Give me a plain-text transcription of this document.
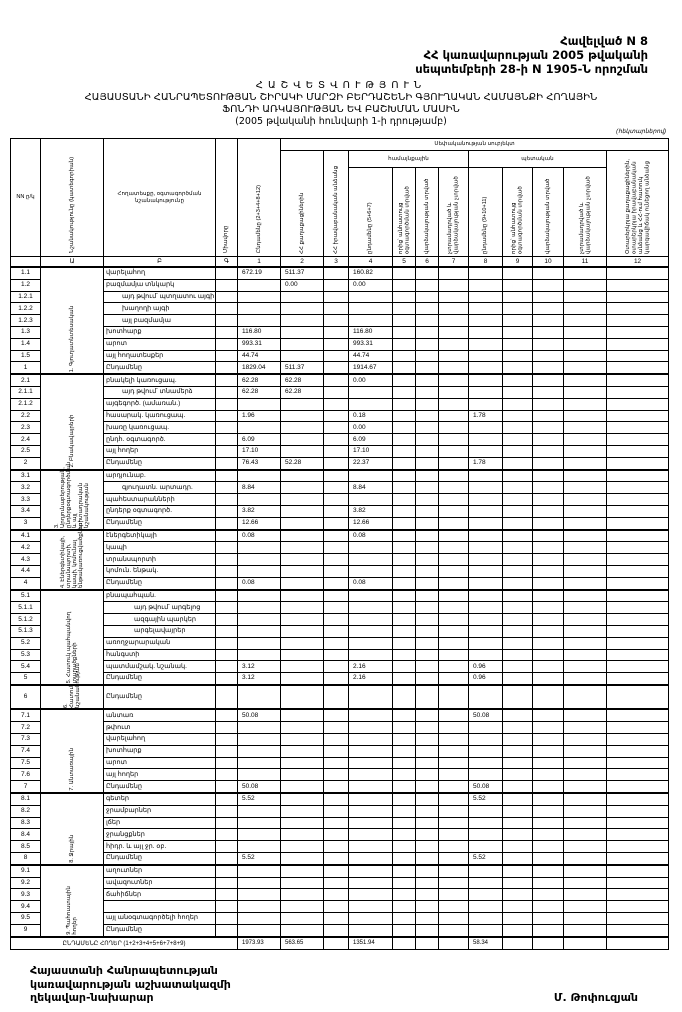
Հավելված N 8
ՀՀ կառավարության 2005 թվականի
սեպտեմբերի 28-ի N 1905-Ն որոշման
ՀԱՇՎԵՏՎՈՒԹՅՈՒՆ
ՀԱՅԱՍՏԱՆԻ ՀԱՆՐԱՊԵՏՈՒԹՅԱՆ ՇԻՐԱԿԻ ՄԱՐԶԻ ԲԵՐԴԱՇԵՆԻ ԳՅՈՒՂԱԿԱՆ ՀԱՄԱՅՆՔԻ ՀՈՂԱՅԻՆ
ՖՈՆԴԻ ԱՌԿԱՅՈՒԹՅԱՆ ԵՎ ԲԱՇԽՄԱՆ ՄԱՍԻՆ
(2005 թվականի հունվարի 1-ի դրությամբ)
(հեկտարներով)
NN ը/կ	Նշանակությունը (կատեգորիան)	Հողատեսքը, օգտագործման նշանակությունը	Միավորը	Ընդամենը (2+3+4+8+12)	Սեփականության սուբյեկտ										

					ՀՀ քաղաքացիներին	ՀՀ իրավաբանական անձանց	համայնքային				պետական				Օտարերկրյա քաղաքացիներին, օտարերկրյա իրավաբանական անձանց և ՀՀ-ում հատուկ կարգավիճակ ունեցող անձանց

							ընդամենը (5+6+7)	որից՝ անհատույց օգտագործման տրված	վարձակալության տրված	չտրամադրված և վարձակալության չտրված	ընդամենը (9+10+11)	որից՝ անհատույց օգտագործման տրված	վարձակալության տրված	չտրամադրված և վարձակալության չտրված	

	Ա	Բ	Գ	1	2	3	4	5	6	7	8	9	10	11	12
1.1	1. Գյուղատնտեսական	վարելահող		672.19	511.37		160.82								
1.2		բազմամյա տնկարկ			0.00		0.00								
1.2.1		այդ թվում՝ պտղատու այգի													
1.2.2		խաղողի այգի													
1.2.3		այլ բազմամյա													
1.3		խոտհարք		116.80			116.80								
1.4		արոտ		993.31			993.31								
1.5		այլ հողատեսքեր		44.74			44.74								
1		Ընդամենը		1829.04	511.37		1914.67								
2.1	2. Բնակավայրերի	բնակելի կառուցապ.		62.28	62.28		0.00								
2.1.1		այդ թվում՝ տնամերձ		62.28	62.28										
2.1.2		այգեգործ. (ամառան.)													
2.2		հասարակ. կառուցապ.		1.96			0.18				1.78				
2.3		խառը կառուցապ.					0.00								
2.4		ընդհ. օգտագործ.		6.09			6.09								
2.5		այլ հողեր		17.10			17.10								
2		Ընդամենը		76.43	52.28		22.37				1.78				
3.1	3. Արդյունաբերության, ընդերքօգտագործման և այլ արտադրական նշանակության	արդյունաբ.													
3.2		գյուղատն. արտադր.		8.84			8.84								
3.3		պահեստարանների													
3.4		ընդերք օգտագործ.		3.82			3.82								
3		Ընդամենը		12.66			12.66								
4.1	4. Էներգետիկայի, տրանսպորտի, կապի, կոմունալ ենթակառուցվածքների	էներգետիկայի		0.08			0.08								
4.2		կապի													
4.3		տրանսպորտի													
4.4		կոմուն. ենթակ.													
4		Ընդամենը		0.08			0.08								
5.1	5. Հատուկ պահպանվող տարածքների	բնապահպան.													
5.1.1		այդ թվում՝ արգելոց													
5.1.2		ազգային պարկեր													
5.1.3		արգելավայրեր													
5.2		առողջարարական													
5.3		հանգստի													
5.4		պատմամշակ. նշանակ.		3.12			2.16				0.96				
5		Ընդամենը		3.12			2.16				0.96				
6	6. Հատուկ նշանակության	Ընդամենը													
7.1	7. Անտառային	անտառ		50.08							50.08				
7.2		թփուտ													
7.3		վարելահող													
7.4		խոտհարք													
7.5		արոտ													
7.6		այլ հողեր													
7		Ընդամենը		50.08							50.08				
8.1	8. Ջրային	գետեր		5.52							5.52				
8.2		ջրամբարներ													
8.3		լճեր													
8.4		ջրանցքներ													
8.5		հիդր. և այլ ջր. օբ.													
8		Ընդամենը		5.52							5.52				
9.1	9. Պահուստային հողեր	աղուտներ													
9.2		ավազուտներ													
9.3		ճահիճներ													
9.4															
9.5		այլ անօգտագործելի հողեր													
9		Ընդամենը													
ԸՆԴԱՄԵՆԸ ՀՈՂԵՐ (1+2+3+4+5+6+7+8+9)				1973.93	563.65		1351.94				58.34				
Հայաստանի Հանրապետության
կառավարության աշխատակազմի
ղեկավար-նախարար	Մ. Թոփուզյան
